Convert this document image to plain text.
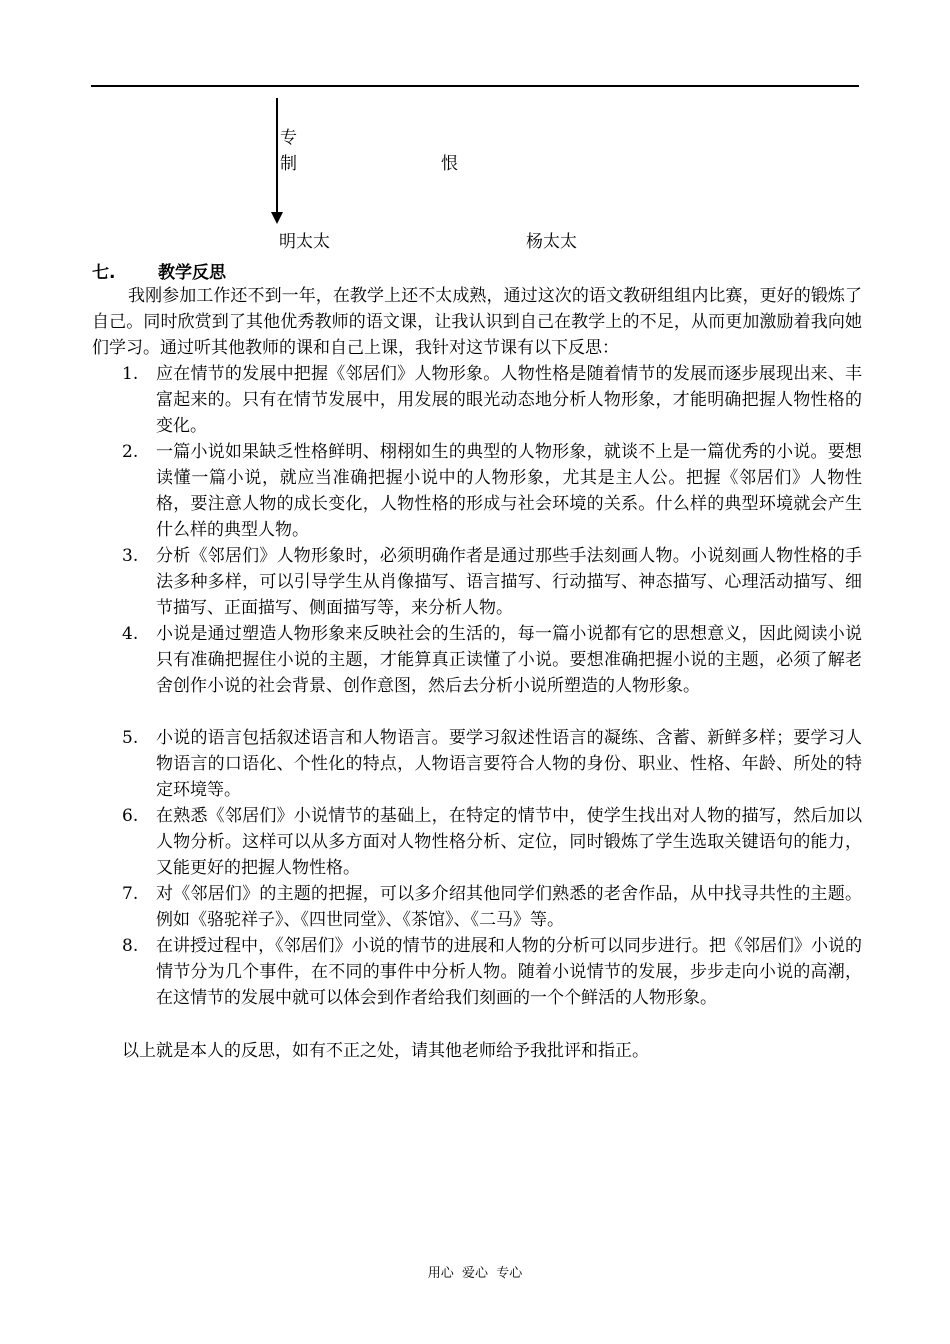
专
制	恨
明太太	杨太太
七.	教学反思
我刚参加工作还不到一年，在教学上还不太成熟，通过这次的语文教研组组内比赛，更好的锻炼了自己。同时欣赏到了其他优秀教师的语文课，让我认识到自己在教学上的不足，从而更加激励着我向她们学习。通过听其他教师的课和自己上课，我针对这节课有以下反思：
1.	应在情节的发展中把握《邻居们》人物形象。人物性格是随着情节的发展而逐步展现出来、丰富起来的。只有在情节发展中，用发展的眼光动态地分析人物形象，才能明确把握人物性格的变化。
2.	一篇小说如果缺乏性格鲜明、栩栩如生的典型的人物形象，就谈不上是一篇优秀的小说。要想读懂一篇小说，就应当准确把握小说中的人物形象，尤其是主人公。把握《邻居们》人物性格，要注意人物的成长变化，人物性格的形成与社会环境的关系。什么样的典型环境就会产生什么样的典型人物。
3.	分析《邻居们》人物形象时，必须明确作者是通过那些手法刻画人物。小说刻画人物性格的手法多种多样，可以引导学生从肖像描写、语言描写、行动描写、神态描写、心理活动描写、细节描写、正面描写、侧面描写等，来分析人物。
4.	小说是通过塑造人物形象来反映社会的生活的，每一篇小说都有它的思想意义，因此阅读小说只有准确把握住小说的主题，才能算真正读懂了小说。要想准确把握小说的主题，必须了解老舍创作小说的社会背景、创作意图，然后去分析小说所塑造的人物形象。
5.	小说的语言包括叙述语言和人物语言。要学习叙述性语言的凝练、含蓄、新鲜多样；要学习人物语言的口语化、个性化的特点，人物语言要符合人物的身份、职业、性格、年龄、所处的特定环境等。
6.	在熟悉《邻居们》小说情节的基础上，在特定的情节中，使学生找出对人物的描写，然后加以人物分析。这样可以从多方面对人物性格分析、定位，同时锻炼了学生选取关键语句的能力，又能更好的把握人物性格。
7.	对《邻居们》的主题的把握，可以多介绍其他同学们熟悉的老舍作品，从中找寻共性的主题。例如《骆驼祥子》、《四世同堂》、《茶馆》、《二马》等。
8.	在讲授过程中，《邻居们》小说的情节的进展和人物的分析可以同步进行。把《邻居们》小说的情节分为几个事件，在不同的事件中分析人物。随着小说情节的发展，步步走向小说的高潮，在这情节的发展中就可以体会到作者给我们刻画的一个个鲜活的人物形象。
以上就是本人的反思，如有不正之处，请其他老师给予我批评和指正。
用心  爱心  专心
